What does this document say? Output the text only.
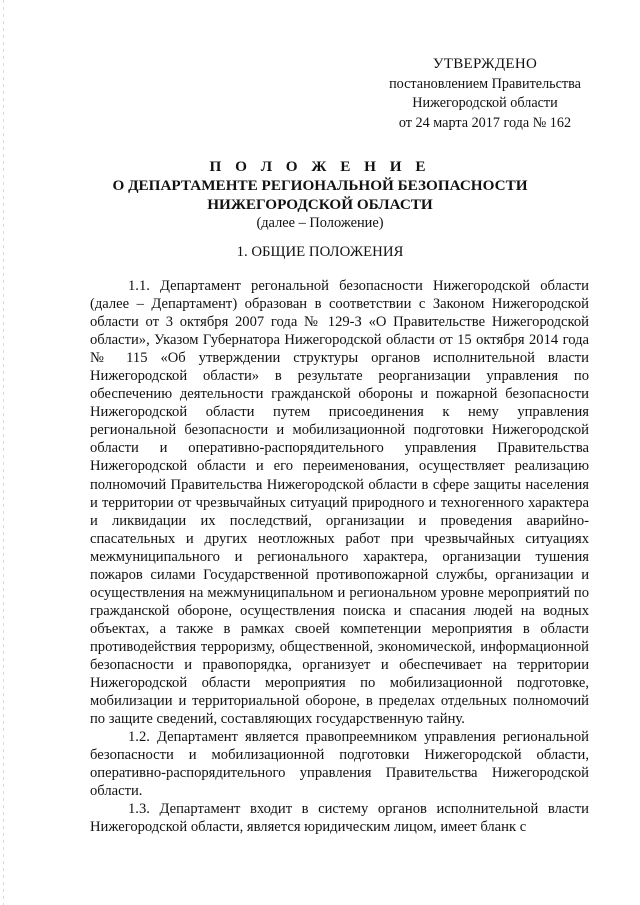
УТВЕРЖДЕНО
постановлением Правительства
Нижегородской области
от 24 марта 2017 года № 162
П О Л О Ж Е Н И Е
О ДЕПАРТАМЕНТЕ РЕГИОНАЛЬНОЙ БЕЗОПАСНОСТИ
НИЖЕГОРОДСКОЙ ОБЛАСТИ
(далее – Положение)
1. ОБЩИЕ ПОЛОЖЕНИЯ

1.1. Департамент регональной безопасности Нижегородской области (далее – Департамент) образован в соответствии с Законом Нижегородской области от 3 октября 2007 года № 129-З «О Правительстве Нижегородской области», Указом Губернатора Нижегородской области от 15 октября 2014 года № 115 «Об утверждении структуры органов исполнительной власти Нижегородской области» в результате реорганизации управления по обеспечению деятельности гражданской обороны и пожарной безопасности Нижегородской области путем присоединения к нему управления региональной безопасности и мобилизационной подготовки Нижегородской области и оперативно-распорядительного управления Правительства Нижегородской области и его переименования, осуществляет реализацию полномочий Правительства Нижегородской области в сфере защиты населения и территории от чрезвычайных ситуаций природного и техногенного характера и ликвидации их последствий, организации и проведения аварийно-спасательных и других неотложных работ при чрезвычайных ситуациях межмуниципального и регионального характера, организации тушения пожаров силами Государственной противопожарной службы, организации и осуществления на межмуниципальном и региональном уровне мероприятий по гражданской обороне, осуществления поиска и спасания людей на водных объектах, а также в рамках своей компетенции мероприятия в области противодействия терроризму, общественной, экономической, информационной безопасности и правопорядка, организует и обеспечивает на территории Нижегородской области мероприятия по мобилизационной подготовке, мобилизации и территориальной обороне, в пределах отдельных полномочий по защите сведений, составляющих государственную тайну.

1.2. Департамент является правопреемником управления региональной безопасности и мобилизационной подготовки Нижегородской области, оперативно-распорядительного управления Правительства Нижегородской области.

1.3. Департамент входит в систему органов исполнительной власти Нижегородской области, является юридическим лицом, имеет бланк с
